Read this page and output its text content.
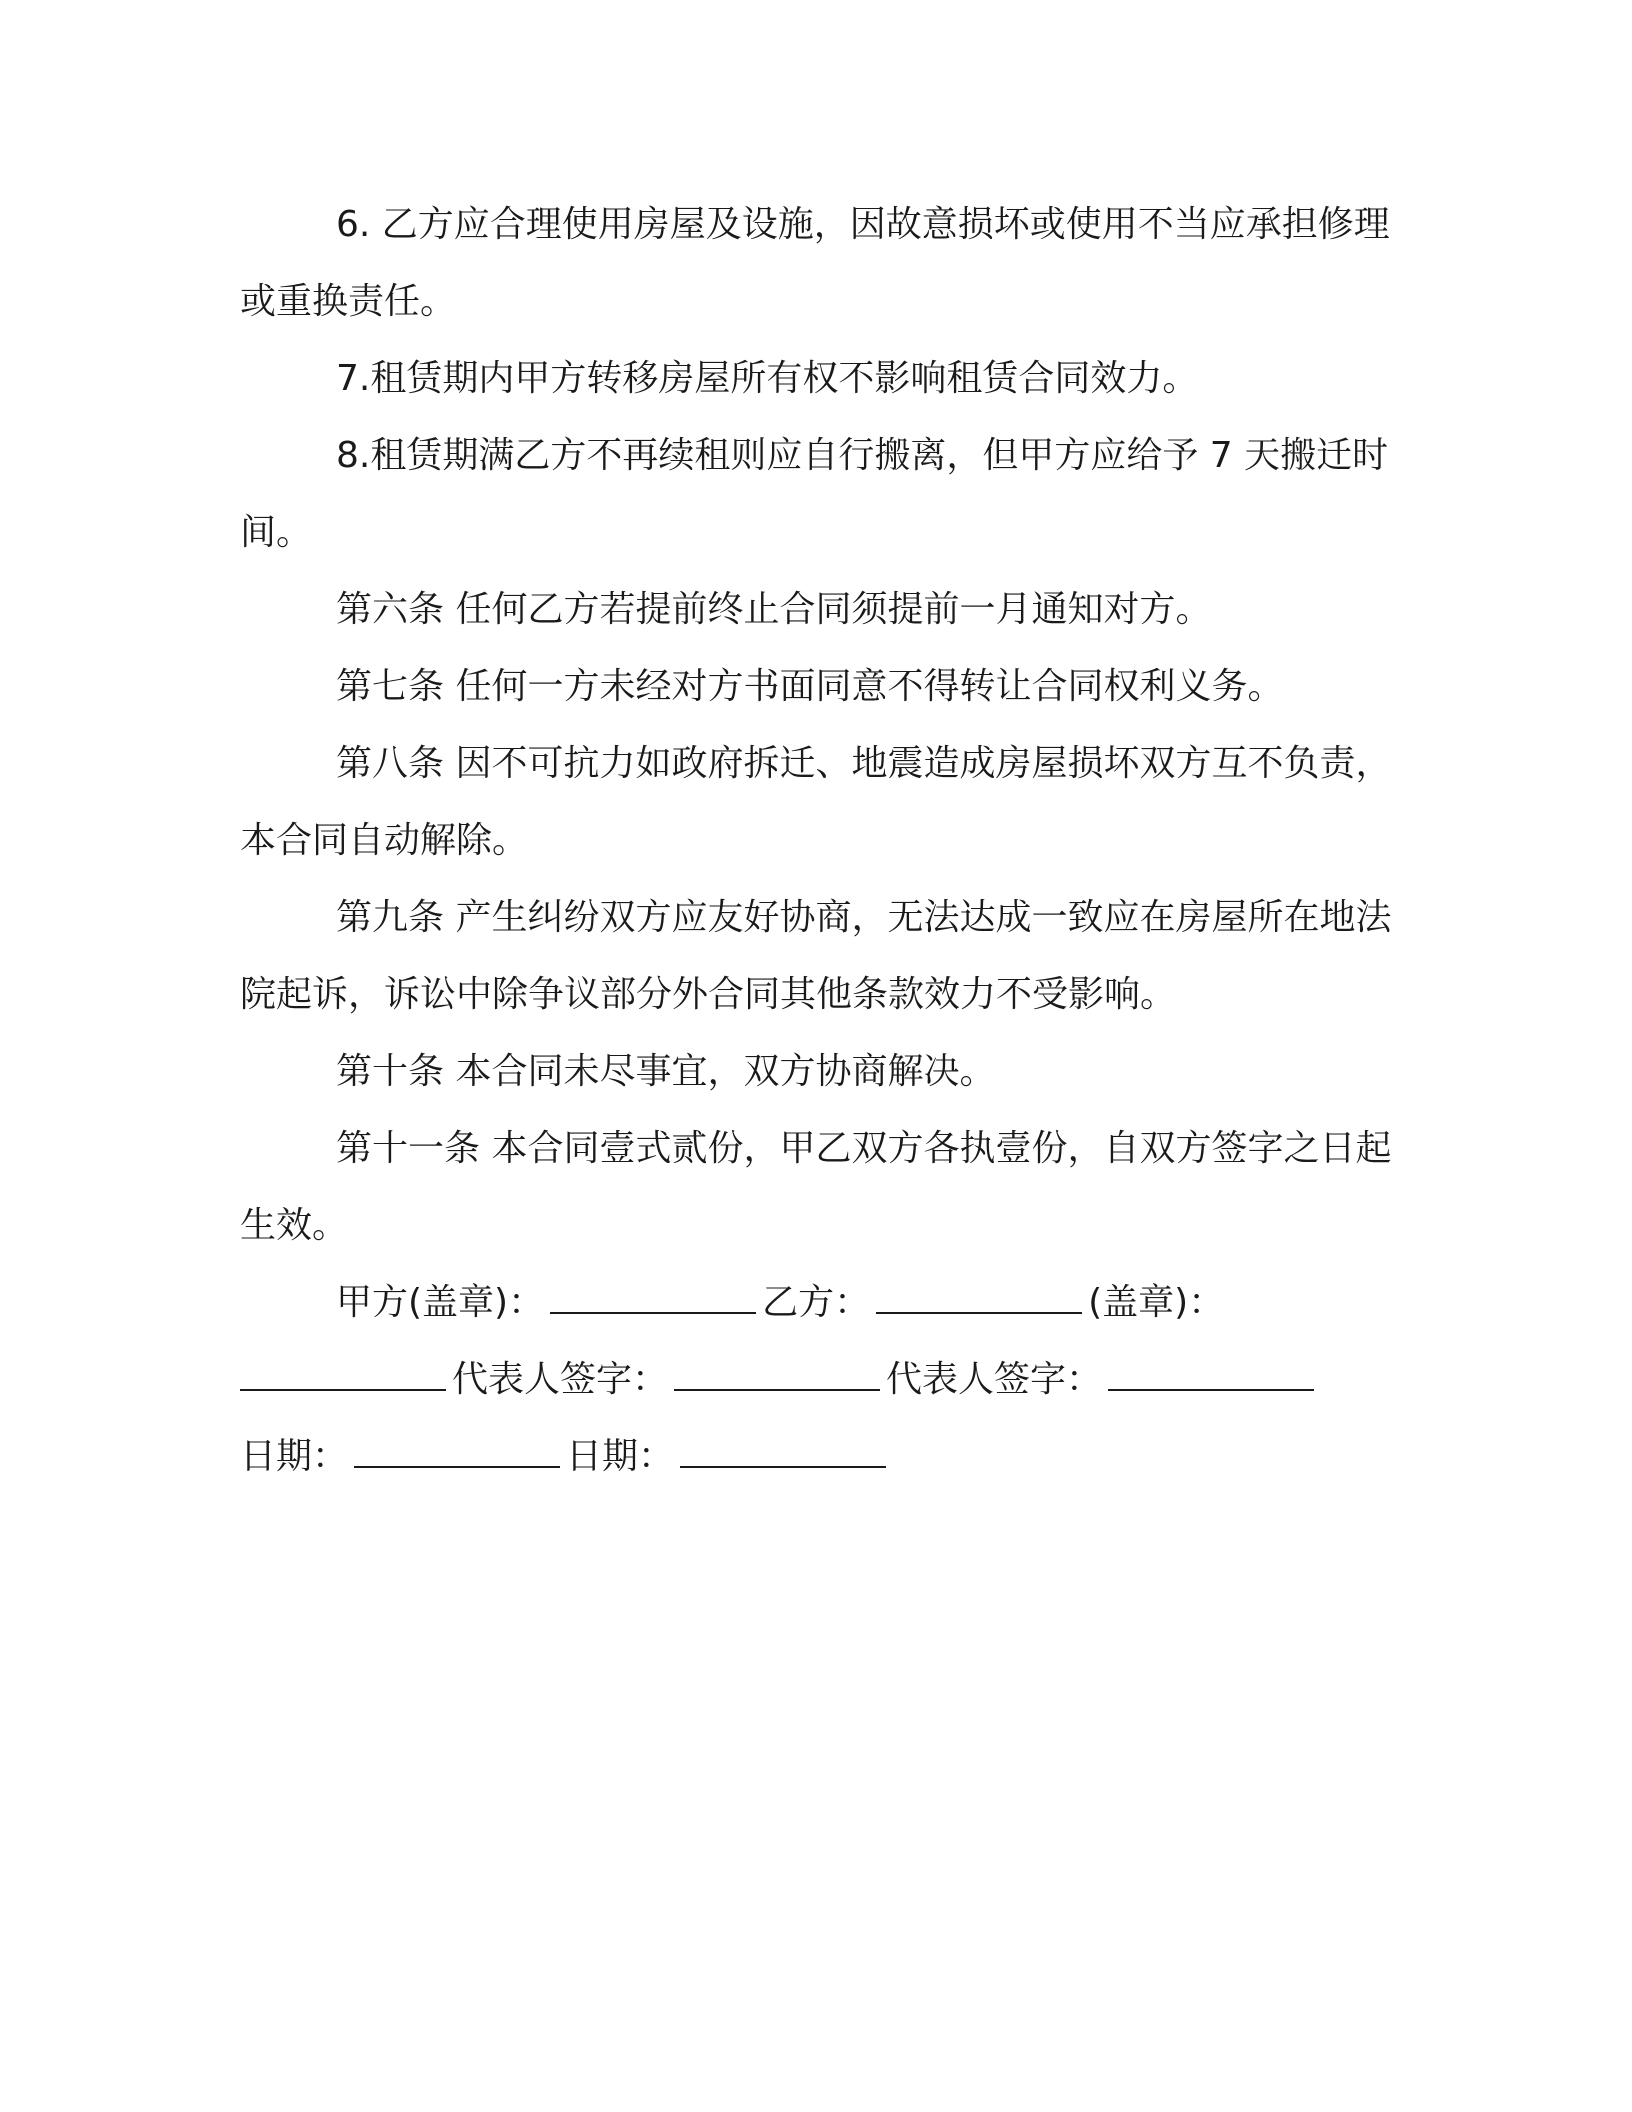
6. 乙方应合理使用房屋及设施，因故意损坏或使用不当应承担修理或重换责任。

7.租赁期内甲方转移房屋所有权不影响租赁合同效力。

8.租赁期满乙方不再续租则应自行搬离，但甲方应给予 7 天搬迁时间。

第六条 任何乙方若提前终止合同须提前一月通知对方。

第七条 任何一方未经对方书面同意不得转让合同权利义务。

第八条 因不可抗力如政府拆迁、地震造成房屋损坏双方互不负责，本合同自动解除。

第九条 产生纠纷双方应友好协商，无法达成一致应在房屋所在地法院起诉，诉讼中除争议部分外合同其他条款效力不受影响。

第十条 本合同未尽事宜，双方协商解决。

第十一条 本合同壹式贰份，甲乙双方各执壹份，自双方签字之日起生效。

甲方(盖章)：	乙方：	(盖章)：
代表人签字：	代表人签字：
日期：	日期：
